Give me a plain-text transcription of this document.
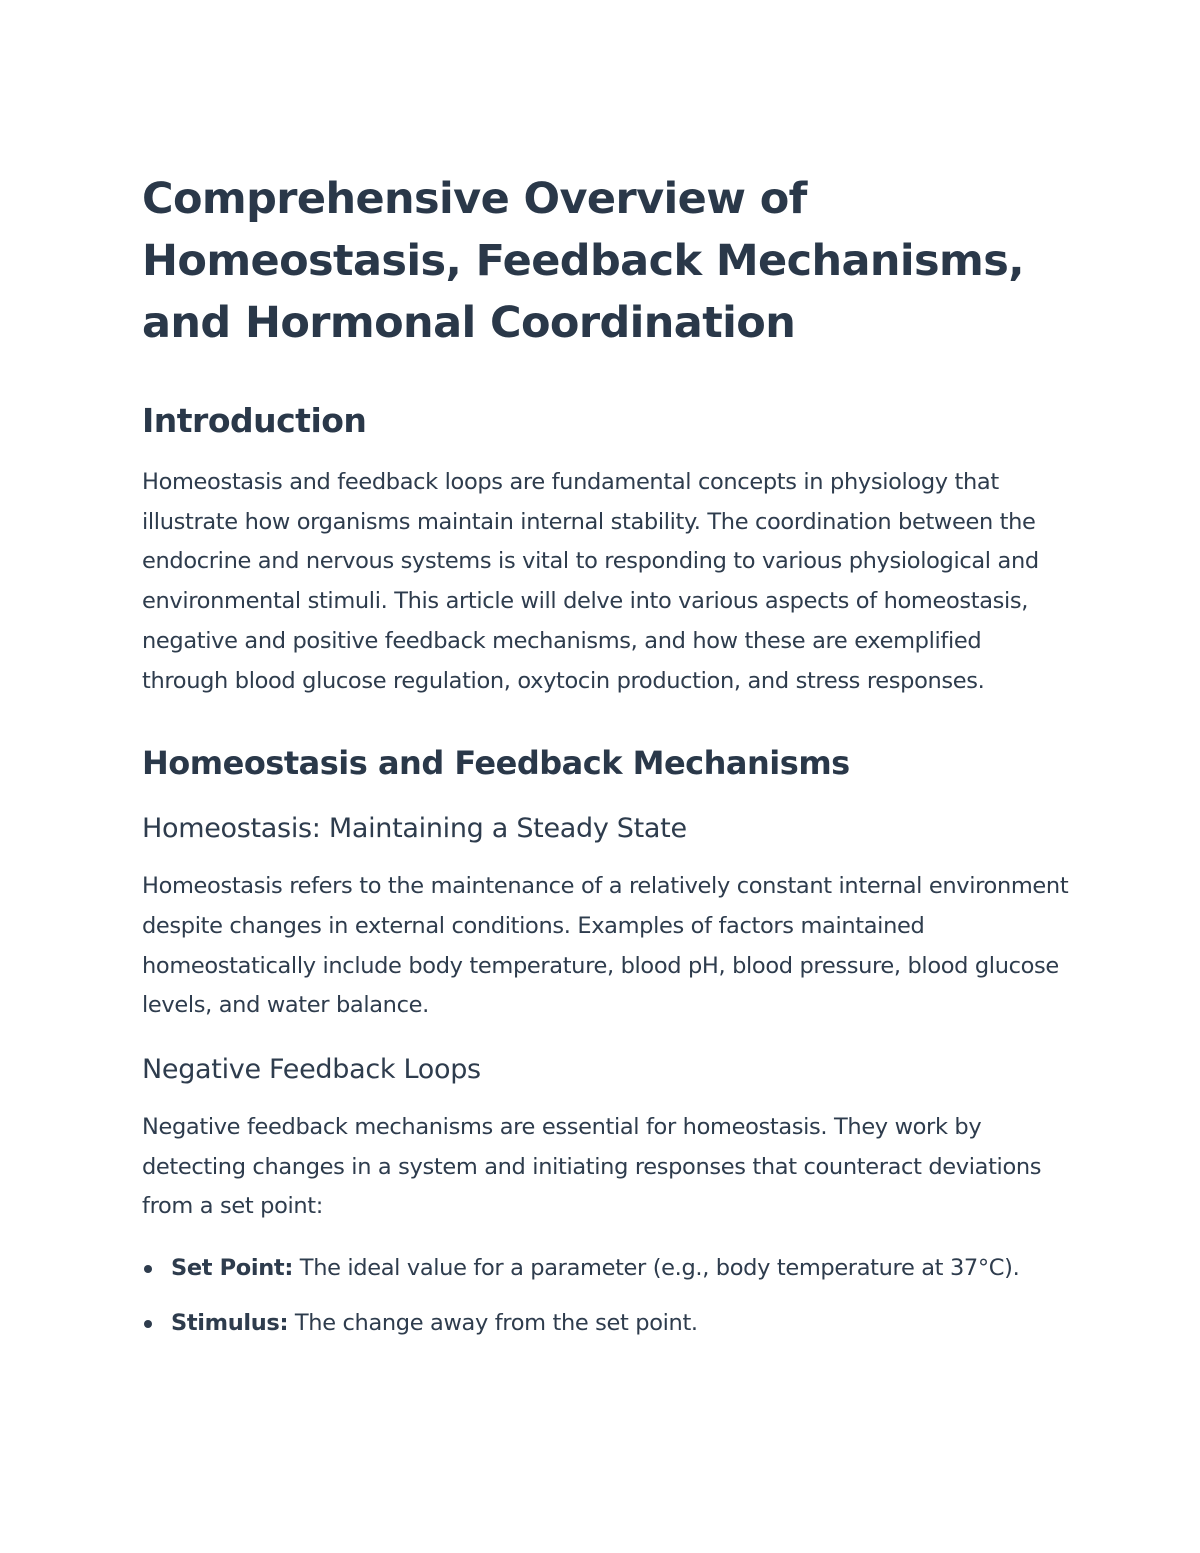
Comprehensive Overview of
Homeostasis, Feedback Mechanisms,
and Hormonal Coordination
Introduction

Homeostasis and feedback loops are fundamental concepts in physiology that illustrate how organisms maintain internal stability. The coordination between the endocrine and nervous systems is vital to responding to various physiological and environmental stimuli. This article will delve into various aspects of homeostasis, negative and positive feedback mechanisms, and how these are exemplified through blood glucose regulation, oxytocin production, and stress responses.

Homeostasis and Feedback Mechanisms
Homeostasis: Maintaining a Steady State

Homeostasis refers to the maintenance of a relatively constant internal environment despite changes in external conditions. Examples of factors maintained homeostatically include body temperature, blood pH, blood pressure, blood glucose levels, and water balance.

Negative Feedback Loops

Negative feedback mechanisms are essential for homeostasis. They work by detecting changes in a system and initiating responses that counteract deviations from a set point:

Set Point: The ideal value for a parameter (e.g., body temperature at 37°C).
Stimulus: The change away from the set point.
